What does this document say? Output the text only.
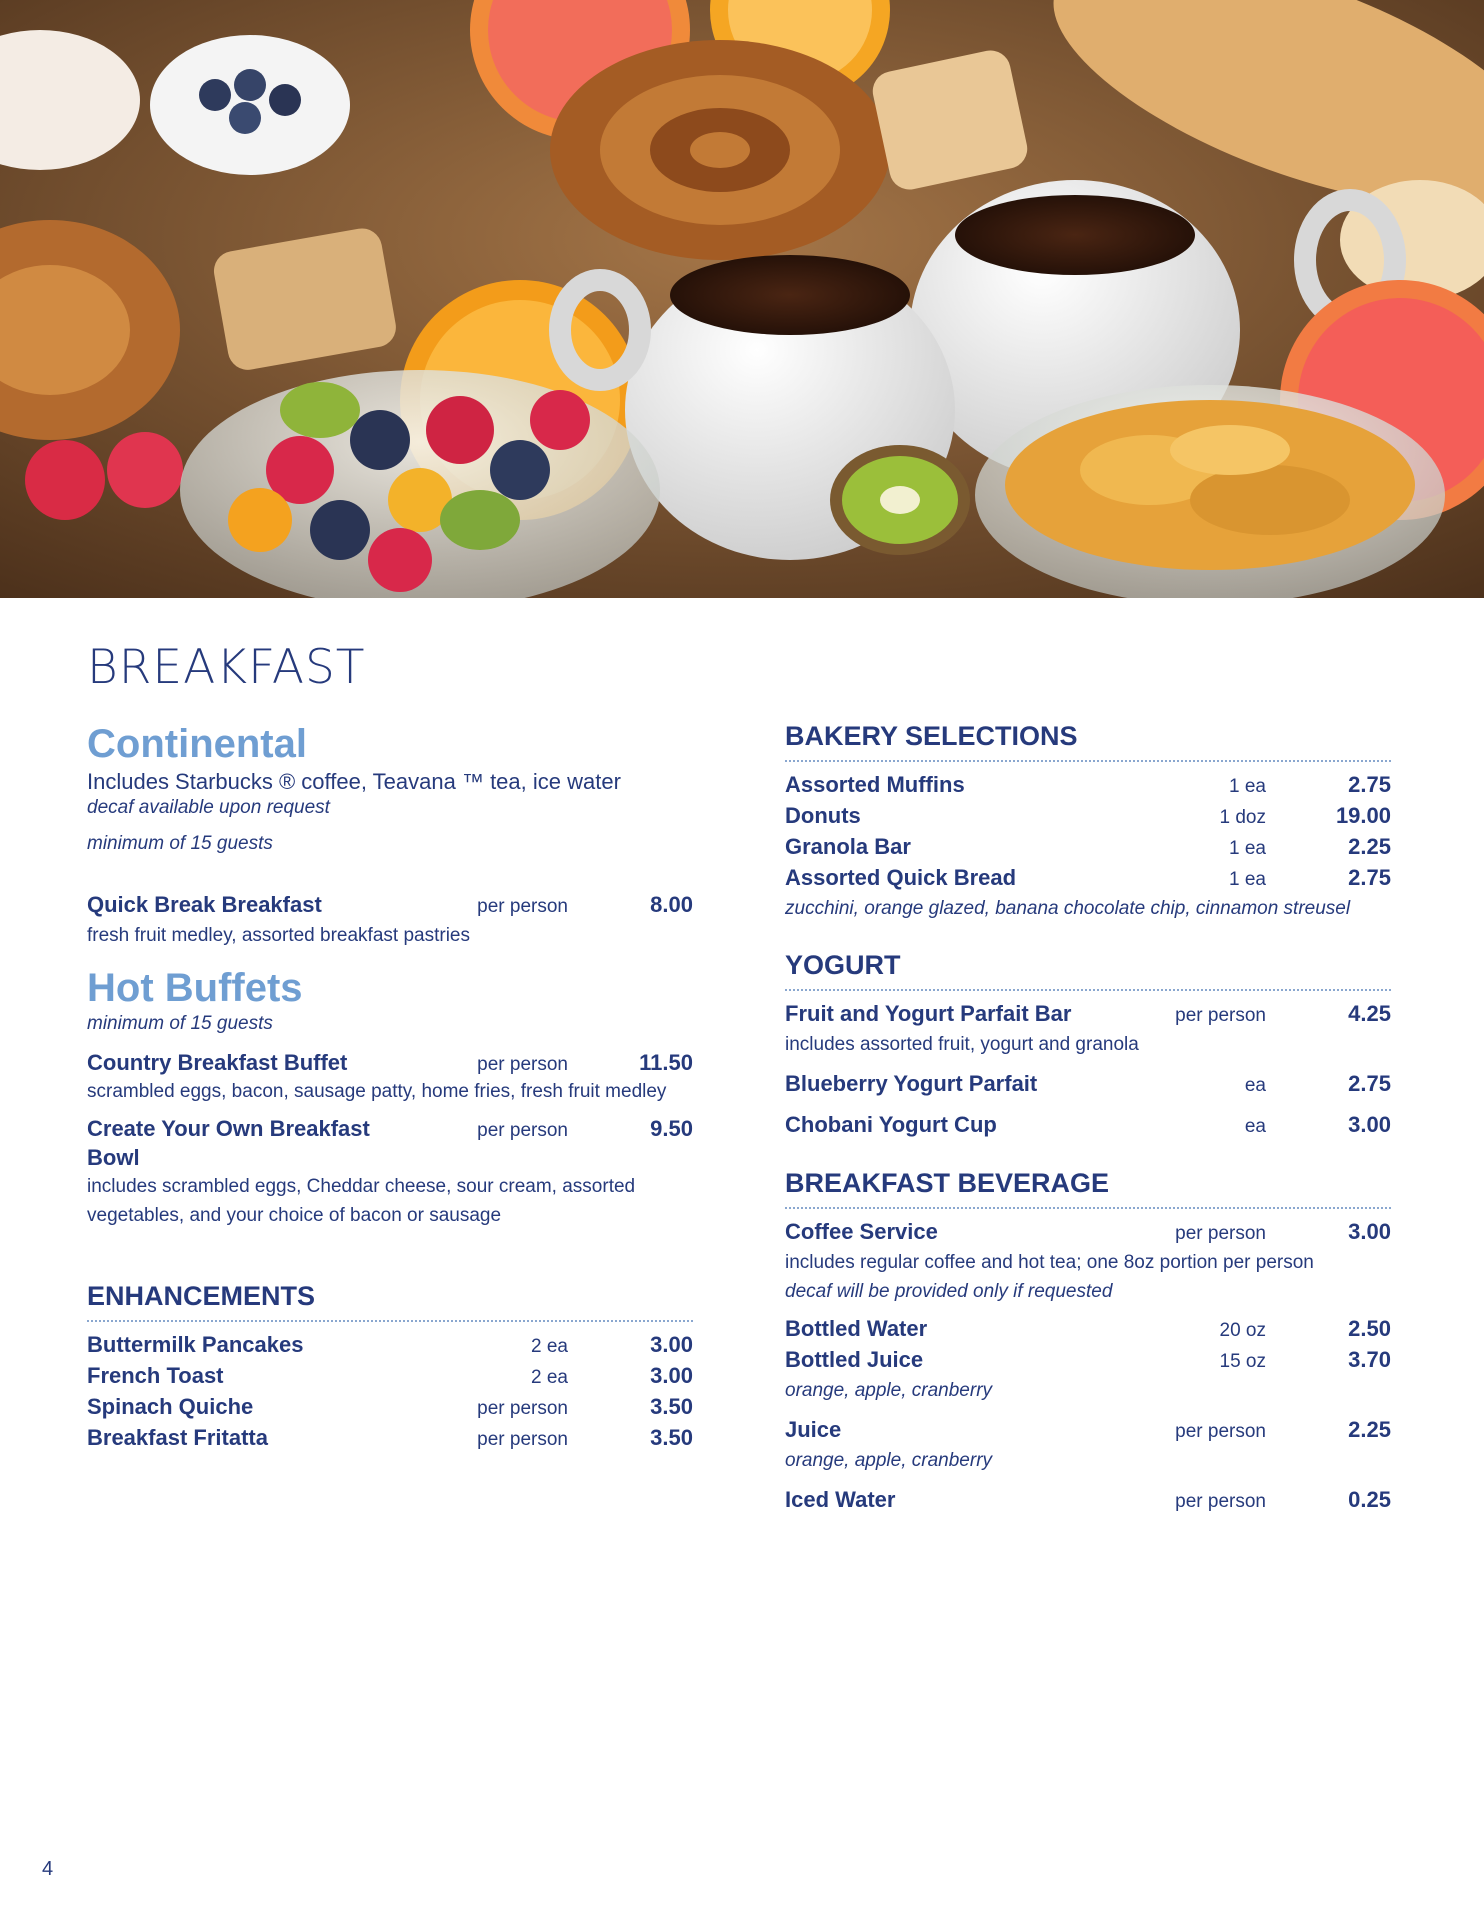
BREAKFAST
Continental
Includes Starbucks ® coffee, Teavana ™ tea, ice water
decaf available upon request
minimum of 15 guests
Quick Break Breakfast	per person	8.00
fresh fruit medley, assorted breakfast pastries
Hot Buffets
minimum of 15 guests
Country Breakfast Buffet	per person	11.50
scrambled eggs, bacon, sausage patty, home fries, fresh fruit medley
Create Your Own Breakfast Bowl
per person	9.50
includes scrambled eggs, Cheddar cheese, sour cream, assorted vegetables, and your choice of bacon or sausage
ENHANCEMENTS
Buttermilk Pancakes	2 ea	3.00
French Toast	2 ea	3.00
Spinach Quiche	per person	3.50
Breakfast Fritatta	per person	3.50
BAKERY SELECTIONS
Assorted Muffins	1 ea	2.75
Donuts	1 doz	19.00
Granola Bar	1 ea	2.25
Assorted Quick Bread	1 ea	2.75
zucchini, orange glazed, banana chocolate chip, cinnamon streusel
YOGURT
Fruit and Yogurt Parfait Bar	per person	4.25
includes assorted fruit, yogurt and granola
Blueberry Yogurt Parfait	ea	2.75
Chobani Yogurt Cup	ea	3.00
BREAKFAST BEVERAGE
Coffee Service	per person	3.00
includes regular coffee and hot tea; one 8oz portion per person
decaf will be provided only if requested
Bottled Water	20 oz	2.50
Bottled Juice	15 oz	3.70
orange, apple, cranberry
Juice	per person	2.25
orange, apple, cranberry
Iced Water	per person	0.25
4
